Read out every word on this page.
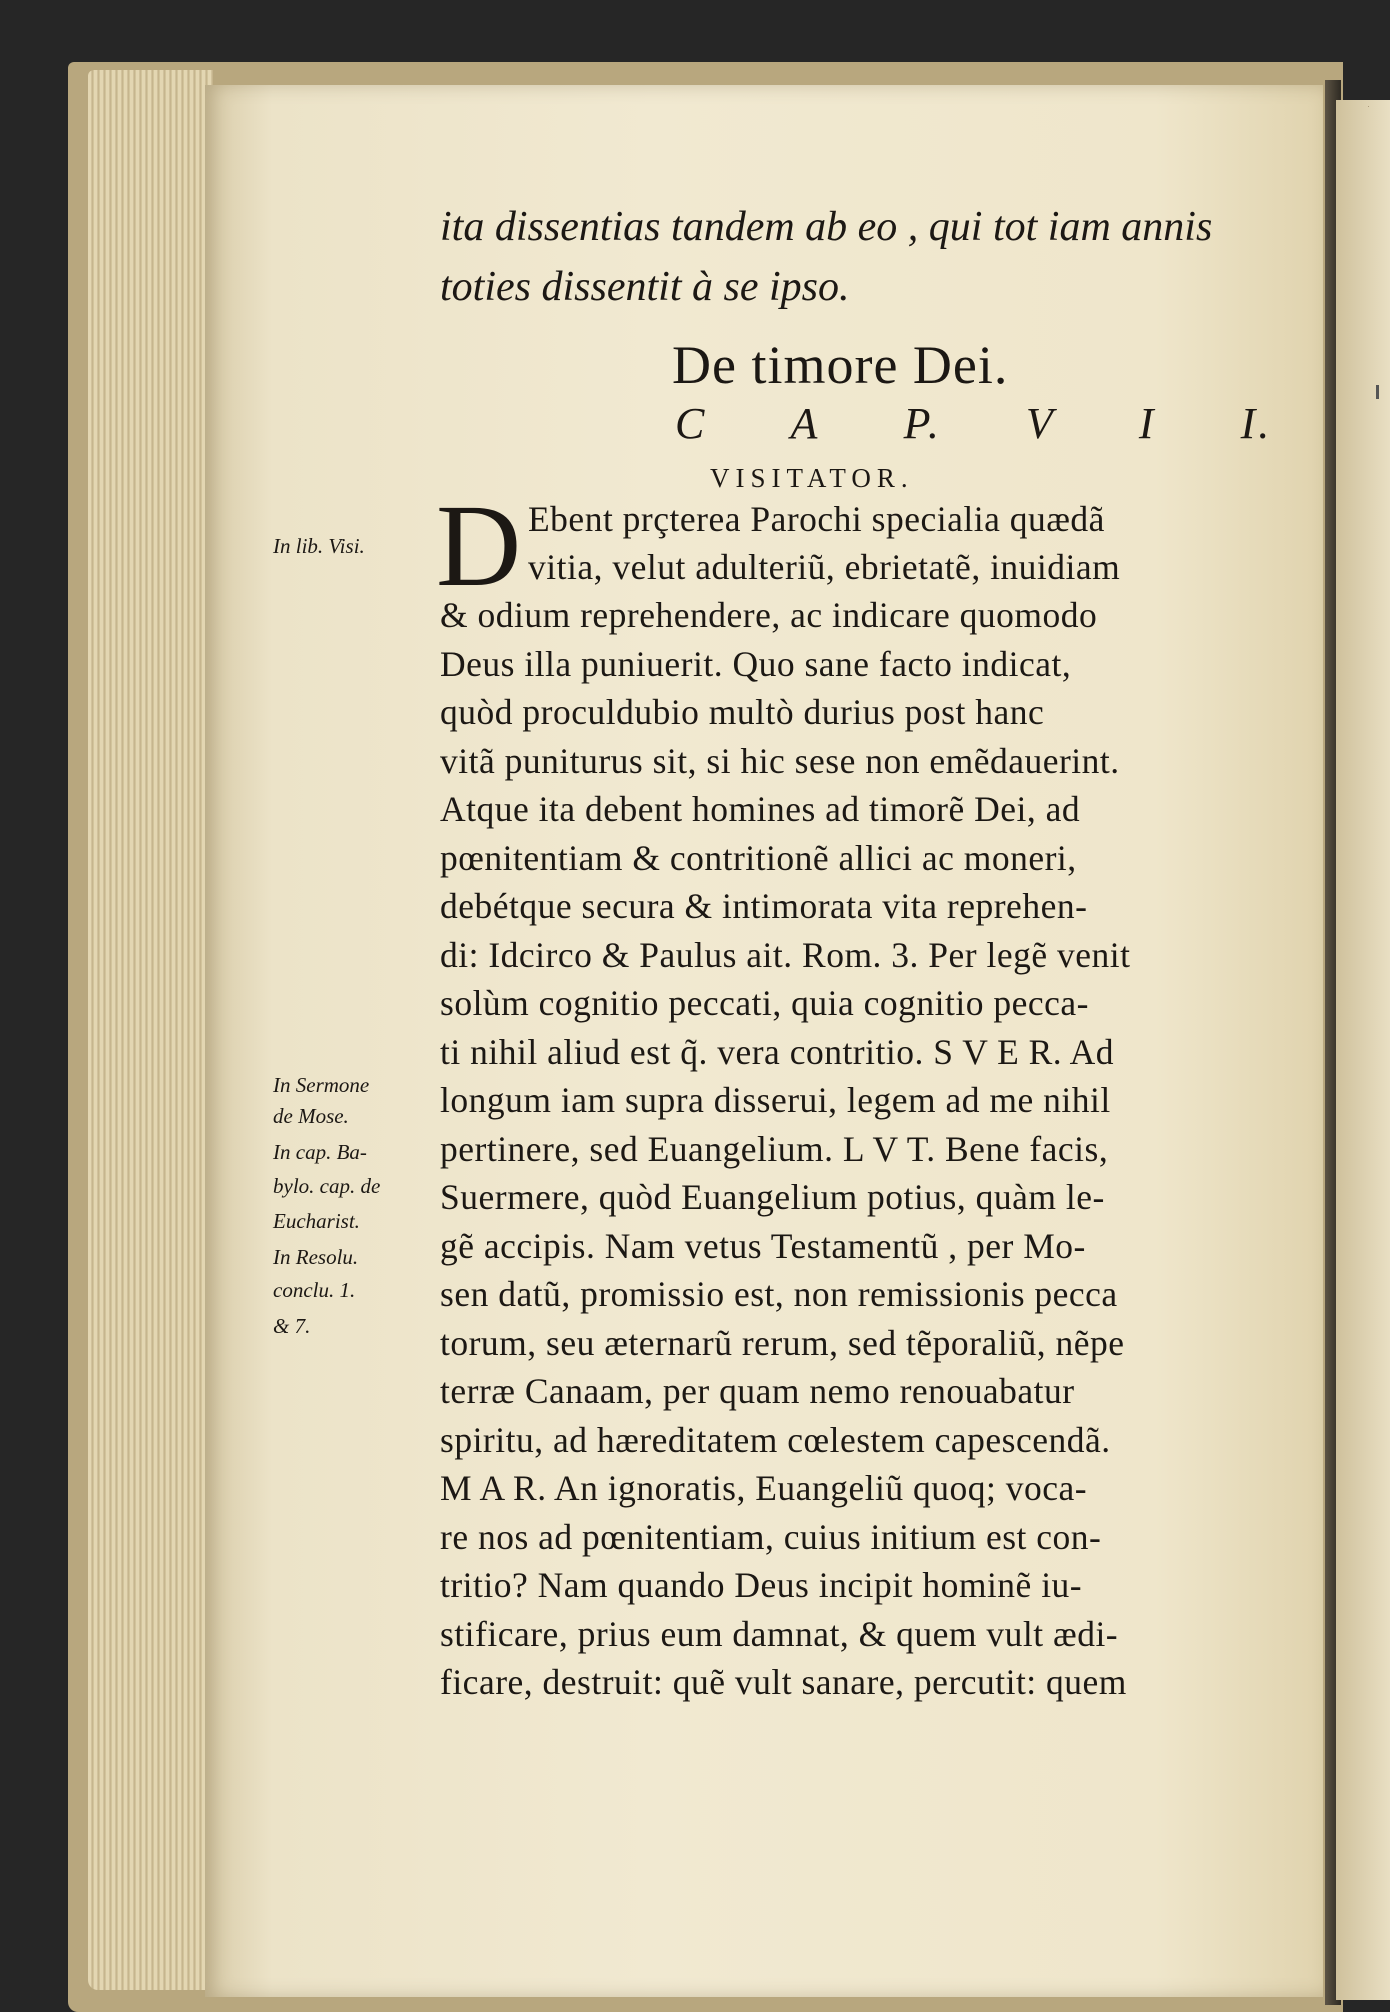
ita dissentias tandem ab eo , qui tot iam annis
toties dissentit à se ipso.
De timore Dei.
C A P. V I I.
VISITATOR.
D Ebent prçterea Parochi specialia quædã
vitia, velut adulteriũ, ebrietatẽ, inuidiam
& odium reprehendere, ac indicare quomodo
Deus illa puniuerit. Quo sane facto indicat,
quòd proculdubio multò durius post hanc
vitã puniturus sit, si hic sese non emẽdauerint.
Atque ita debent homines ad timorẽ Dei, ad
pœnitentiam & contritionẽ allici ac moneri,
debétque secura & intimorata vita reprehen-
di: Idcirco & Paulus ait. Rom. 3. Per legẽ venit
solùm cognitio peccati, quia cognitio pecca-
ti nihil aliud est q̃. vera contritio. S V E R. Ad
longum iam supra disserui, legem ad me nihil
pertinere, sed Euangelium. L V T. Bene facis,
Suermere, quòd Euangelium potius, quàm le-
gẽ accipis. Nam vetus Testamentũ , per Mo-
sen datũ, promissio est, non remissionis pecca
torum, seu æternarũ rerum, sed tẽporaliũ, nẽpe
terræ Canaam, per quam nemo renouabatur
spiritu, ad hæreditatem cœlestem capescendã.
M A R. An ignoratis, Euangeliũ quoq; voca-
re nos ad pœnitentiam, cuius initium est con-
tritio? Nam quando Deus incipit hominẽ iu-
stificare, prius eum damnat, & quem vult ædi-
ficare, destruit: quẽ vult sanare, percutit: quem
In lib. Visi.
In Sermone
de Mose.
In cap. Ba-
bylo. cap. de
Eucharist.
In Resolu.
conclu. 1.
& 7.
